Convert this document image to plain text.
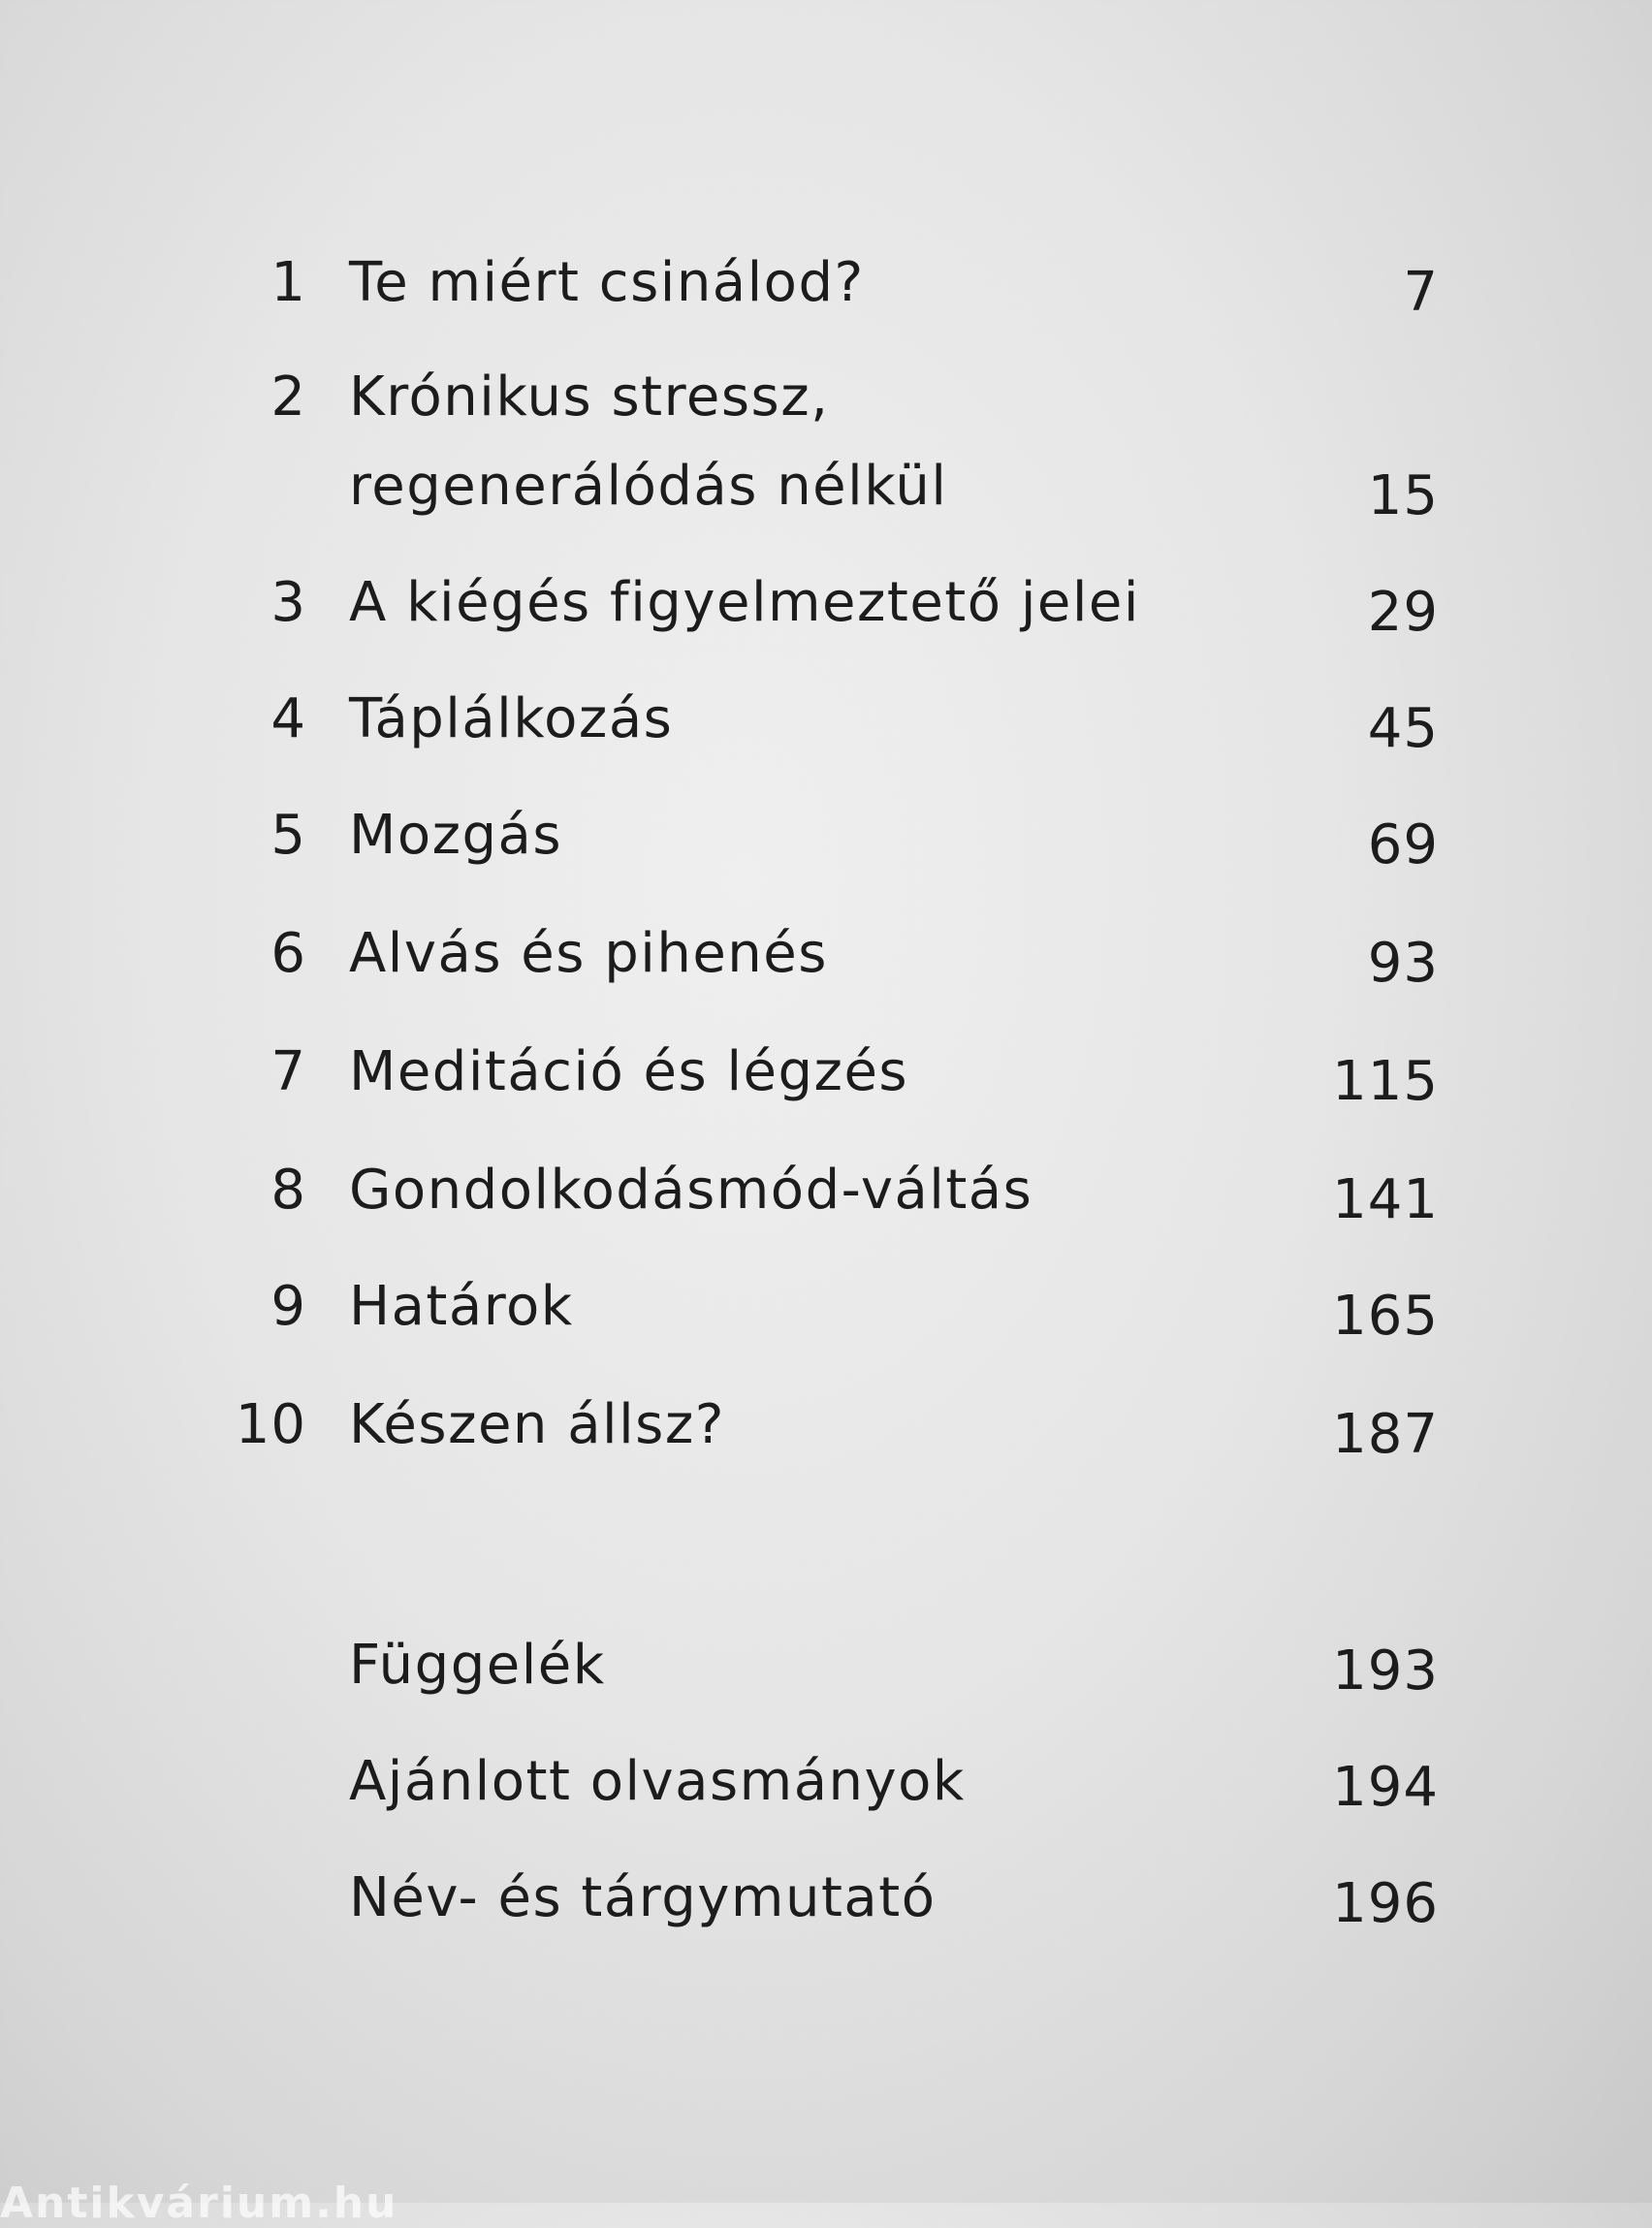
1 Te miért csinálod?	7
2 Krónikus stressz,
regenerálódás nélkül	15
3 A kiégés figyelmeztető jelei	29
4 Táplálkozás	45
5 Mozgás	69
6 Alvás és pihenés	93
7 Meditáció és légzés	115
8 Gondolkodásmód-váltás	141
9 Határok	165
10 Készen állsz?	187
Függelék	193
Ajánlott olvasmányok	194
Név- és tárgymutató	196
Antikvárium.hu
